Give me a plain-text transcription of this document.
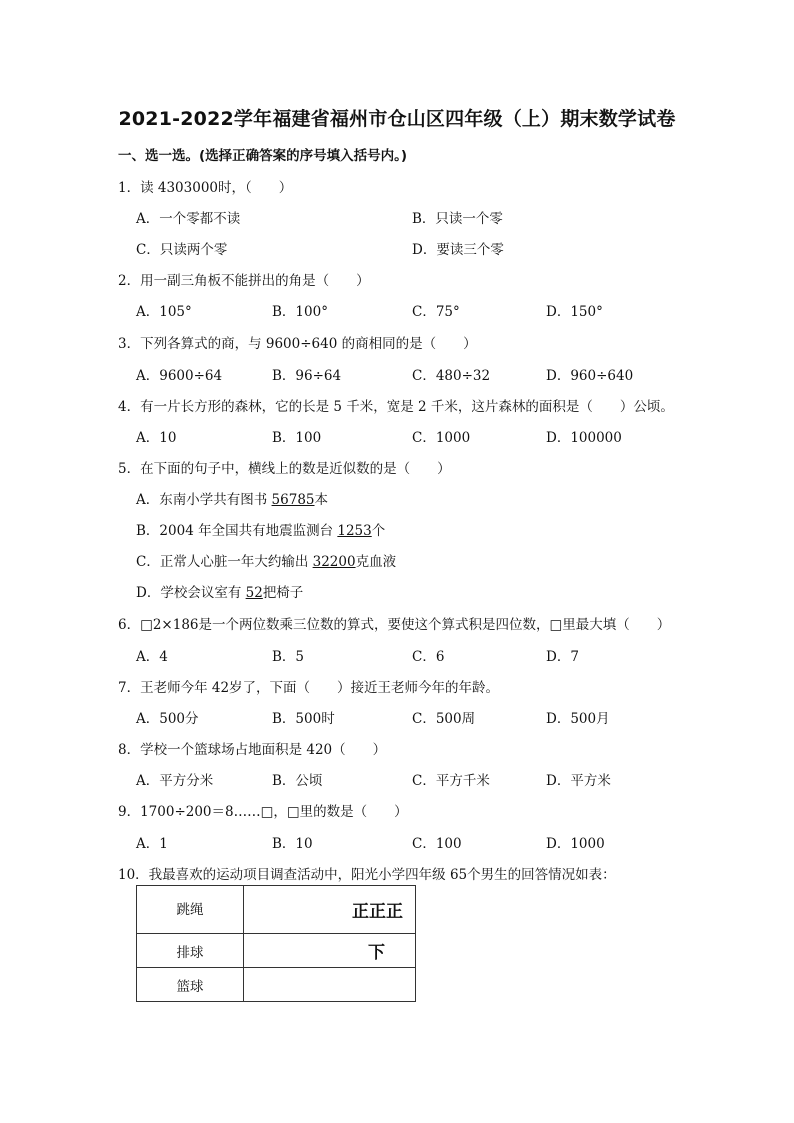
2021-2022学年福建省福州市仓山区四年级（上）期末数学试卷
一、选一选。(选择正确答案的序号填入括号内。)
1．读 4303000时，（　　）
A．一个零都不读	B．只读一个零
C．只读两个零	D．要读三个零
2．用一副三角板不能拼出的角是（　　）
A．105°	B．100°	C．75°	D．150°
3．下列各算式的商，与 9600÷640 的商相同的是（　　）
A．9600÷64	B．96÷64	C．480÷32	D．960÷640
4．有一片长方形的森林，它的长是 5 千米，宽是 2 千米，这片森林的面积是（　　）公顷。
A．10	B．100	C．1000	D．100000
5．在下面的句子中，横线上的数是近似数的是（　　）
A．东南小学共有图书 56785本
B．2004 年全国共有地震监测台 1253个
C．正常人心脏一年大约输出 32200克血液
D．学校会议室有 52把椅子
6．□2×186是一个两位数乘三位数的算式，要使这个算式积是四位数，□里最大填（　　）
A．4	B．5	C．6	D．7
7．王老师今年 42岁了，下面（　　）接近王老师今年的年龄。
A．500分	B．500时	C．500周	D．500月
8．学校一个篮球场占地面积是 420（　　）
A．平方分米	B．公顷	C．平方千米	D．平方米
9．1700÷200＝8……□，□里的数是（　　）
A．1	B．10	C．100	D．1000
10．我最喜欢的运动项目调查活动中，阳光小学四年级 65个男生的回答情况如表：
跳绳	正正正
排球	下
篮球	
